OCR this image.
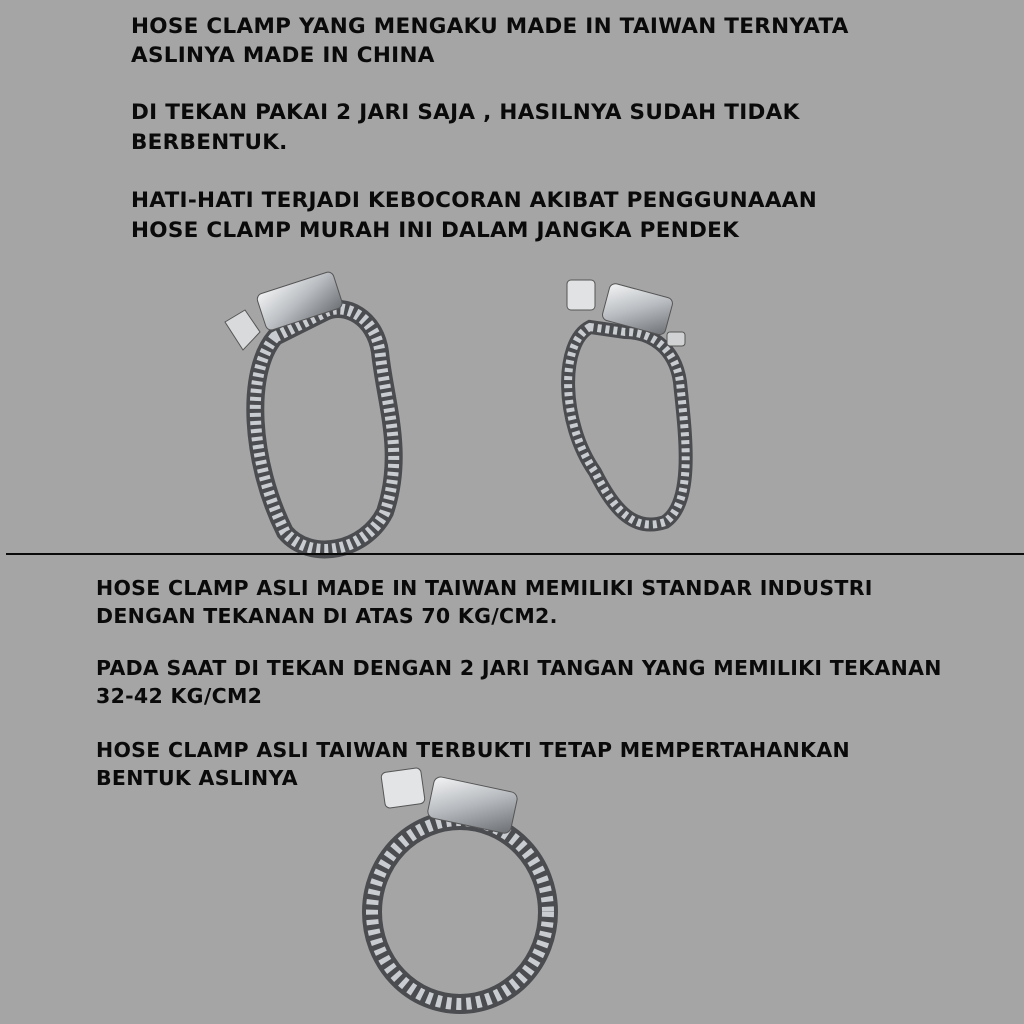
HOSE CLAMP YANG MENGAKU MADE IN TAIWAN TERNYATA

ASLINYA MADE IN CHINA

DI TEKAN PAKAI 2 JARI SAJA , HASILNYA SUDAH TIDAK

BERBENTUK.

HATI-HATI TERJADI KEBOCORAN AKIBAT PENGGUNAAAN

HOSE CLAMP MURAH INI DALAM JANGKA PENDEK

HOSE CLAMP ASLI MADE IN TAIWAN MEMILIKI STANDAR INDUSTRI

DENGAN TEKANAN DI ATAS 70 KG/CM2.

PADA SAAT DI TEKAN DENGAN 2 JARI TANGAN YANG MEMILIKI TEKANAN

32-42 KG/CM2

HOSE CLAMP ASLI TAIWAN TERBUKTI TETAP MEMPERTAHANKAN

BENTUK ASLINYA
